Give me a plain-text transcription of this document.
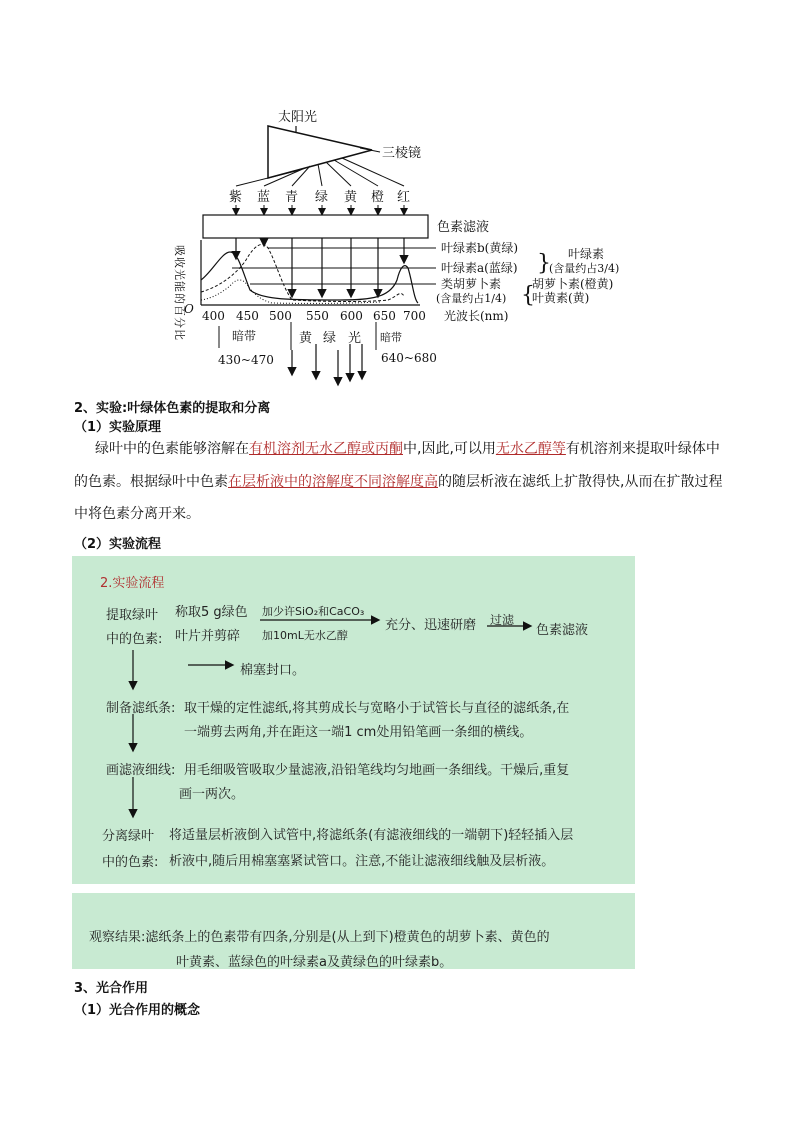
太阳光
三棱镜
紫 蓝 青 绿 黄 橙 红
色素滤液
O
吸收光能的百分比 400 450 500 550 600 650 700 光波长(nm)
叶绿素b(黄绿)
叶绿素a(蓝绿) } 叶绿素
(含量约占3/4)
类胡萝卜素
(含量约占1/4) {
胡萝卜素(橙黄)
叶黄素(黄)
暗带
430~470
黄 绿 光 暗带
640~680
2、实验:叶绿体色素的提取和分离
（1）实验原理
绿叶中的色素能够溶解在有机溶剂无水乙醇或丙酮中,因此,可以用无水乙醇等有机溶剂来提取叶绿体中
的色素。根据绿叶中色素在层析液中的溶解度不同溶解度高的随层析液在滤纸上扩散得快,从而在扩散过程
中将色素分离开来。
（2）实验流程
2.实验流程
提取绿叶
中的色素:
称取5 g绿色
叶片并剪碎
加少许SiO₂和CaCO₃
加10mL无水乙醇
充分、迅速研磨 过滤
色素滤液
棉塞封口。
制备滤纸条: 取干燥的定性滤纸,将其剪成长与宽略小于试管长与直径的滤纸条,在
一端剪去两角,并在距这一端1 cm处用铅笔画一条细的横线。
画滤液细线: 用毛细吸管吸取少量滤液,沿铅笔线均匀地画一条细线。干燥后,重复
画一两次。
分离绿叶
中的色素:
将适量层析液倒入试管中,将滤纸条(有滤液细线的一端朝下)轻轻插入层
析液中,随后用棉塞塞紧试管口。注意,不能让滤液细线触及层析液。
观察结果:滤纸条上的色素带有四条,分别是(从上到下)橙黄色的胡萝卜素、黄色的
叶黄素、蓝绿色的叶绿素a及黄绿色的叶绿素b。
3、光合作用
（1）光合作用的概念
